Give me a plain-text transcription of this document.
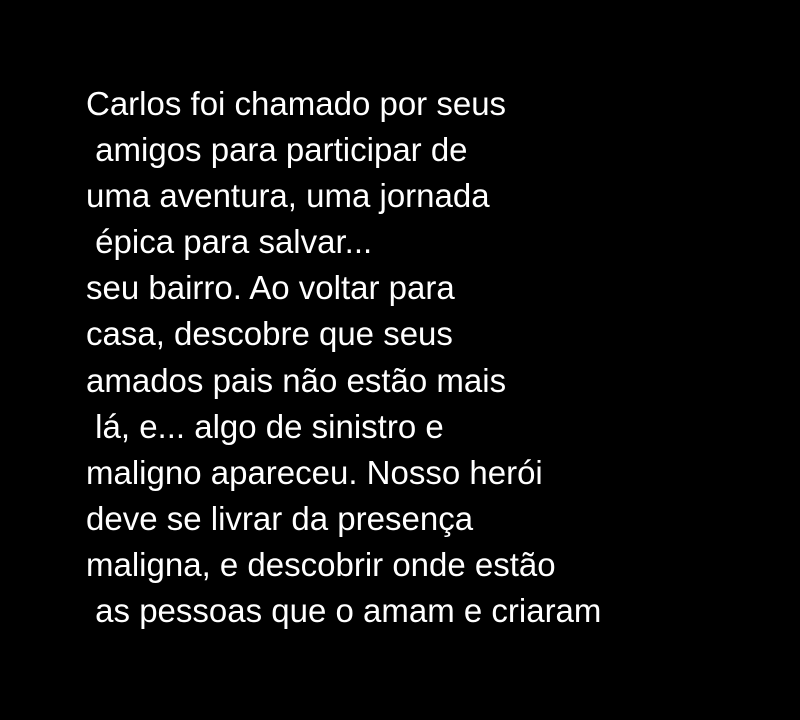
Carlos foi chamado por seus
amigos para participar de
uma aventura, uma jornada
épica para salvar...
seu bairro. Ao voltar para
casa, descobre que seus
amados pais não estão mais
lá, e... algo de sinistro e
maligno apareceu. Nosso herói
deve se livrar da presença
maligna, e descobrir onde estão
as pessoas que o amam e criaram
